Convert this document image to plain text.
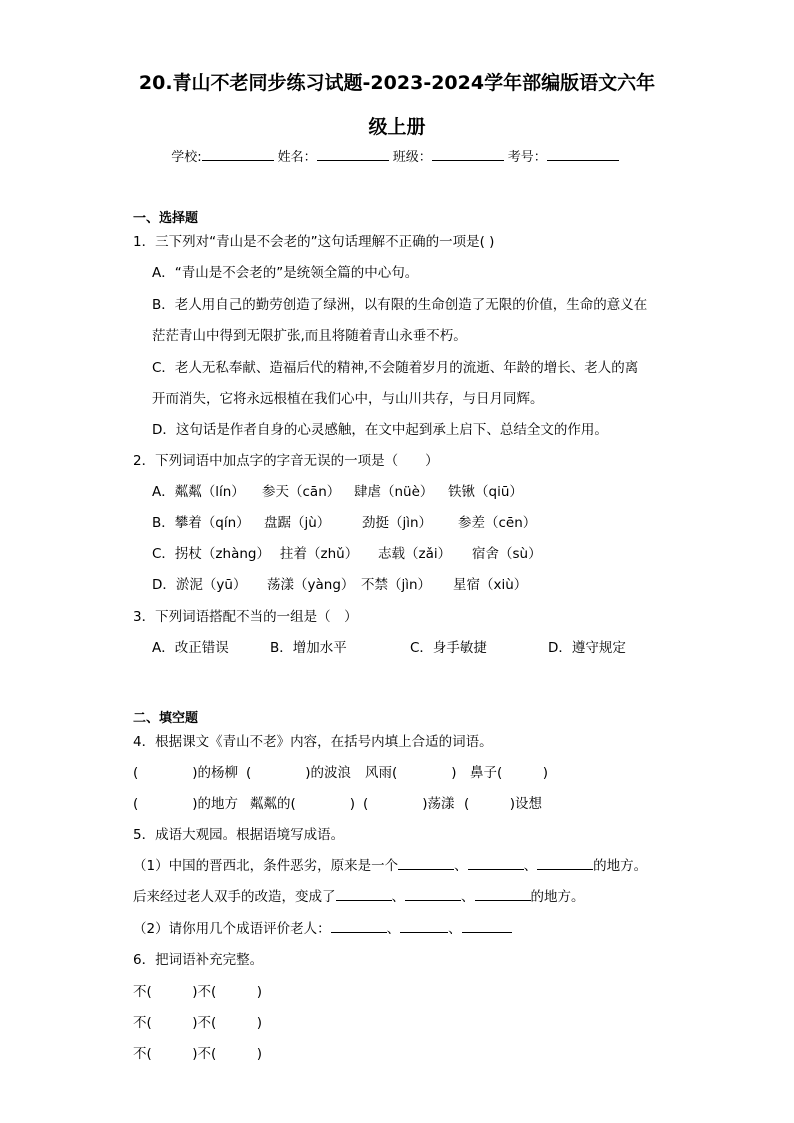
20.青山不老同步练习试题-2023-2024学年部编版语文六年
级上册
学校:	姓名：	班级：	考号：
一、选择题
1．三下列对“青山是不会老的”这句话理解不正确的一项是( )
A．“青山是不会老的”是统领全篇的中心句。
B．老人用自己的勤劳创造了绿洲，以有限的生命创造了无限的价值，生命的意义在
茫茫青山中得到无限扩张,而且将随着青山永垂不朽。
C．老人无私奉献、造福后代的精神,不会随着岁月的流逝、年龄的增长、老人的离
开而消失，它将永远根植在我们心中，与山川共存，与日月同辉。
D．这句话是作者自身的心灵感触，在文中起到承上启下、总结全文的作用。
2．下列词语中加点字的字音无误的一项是（　　）
A．粼粼（lín） 参天（cān） 肆虐（nüè） 铁锹（qiū）
B．攀着（qín） 盘踞（jù） 劲挺（jìn） 参差（cēn）
C．拐杖（zhàng） 拄着（zhǔ） 志载（zǎi） 宿舍（sù）
D．淤泥（yū） 荡漾（yàng） 不禁（jìn） 星宿（xiù）
3．下列词语搭配不当的一组是（　）
A．改正错误	B．增加水平	C．身手敏捷	D．遵守规定
二、填空题
4．根据课文《青山不老》内容，在括号内填上合适的词语。
(　　　　)的杨柳 (　　　　)的波浪 风雨(　　　　) 鼻子(　　　)
(　　　　)的地方 粼粼的(　　　　) (　　　　)荡漾 (　　　)设想
5．成语大观园。根据语境写成语。
（1）中国的晋西北，条件恶劣，原来是一个	、	、	的地方。
后来经过老人双手的改造，变成了	、	、	的地方。
（2）请你用几个成语评价老人：	、	、
6．把词语补充完整。
不(　　　)不(　　　)
不(　　　)不(　　　)
不(　　　)不(　　　)
